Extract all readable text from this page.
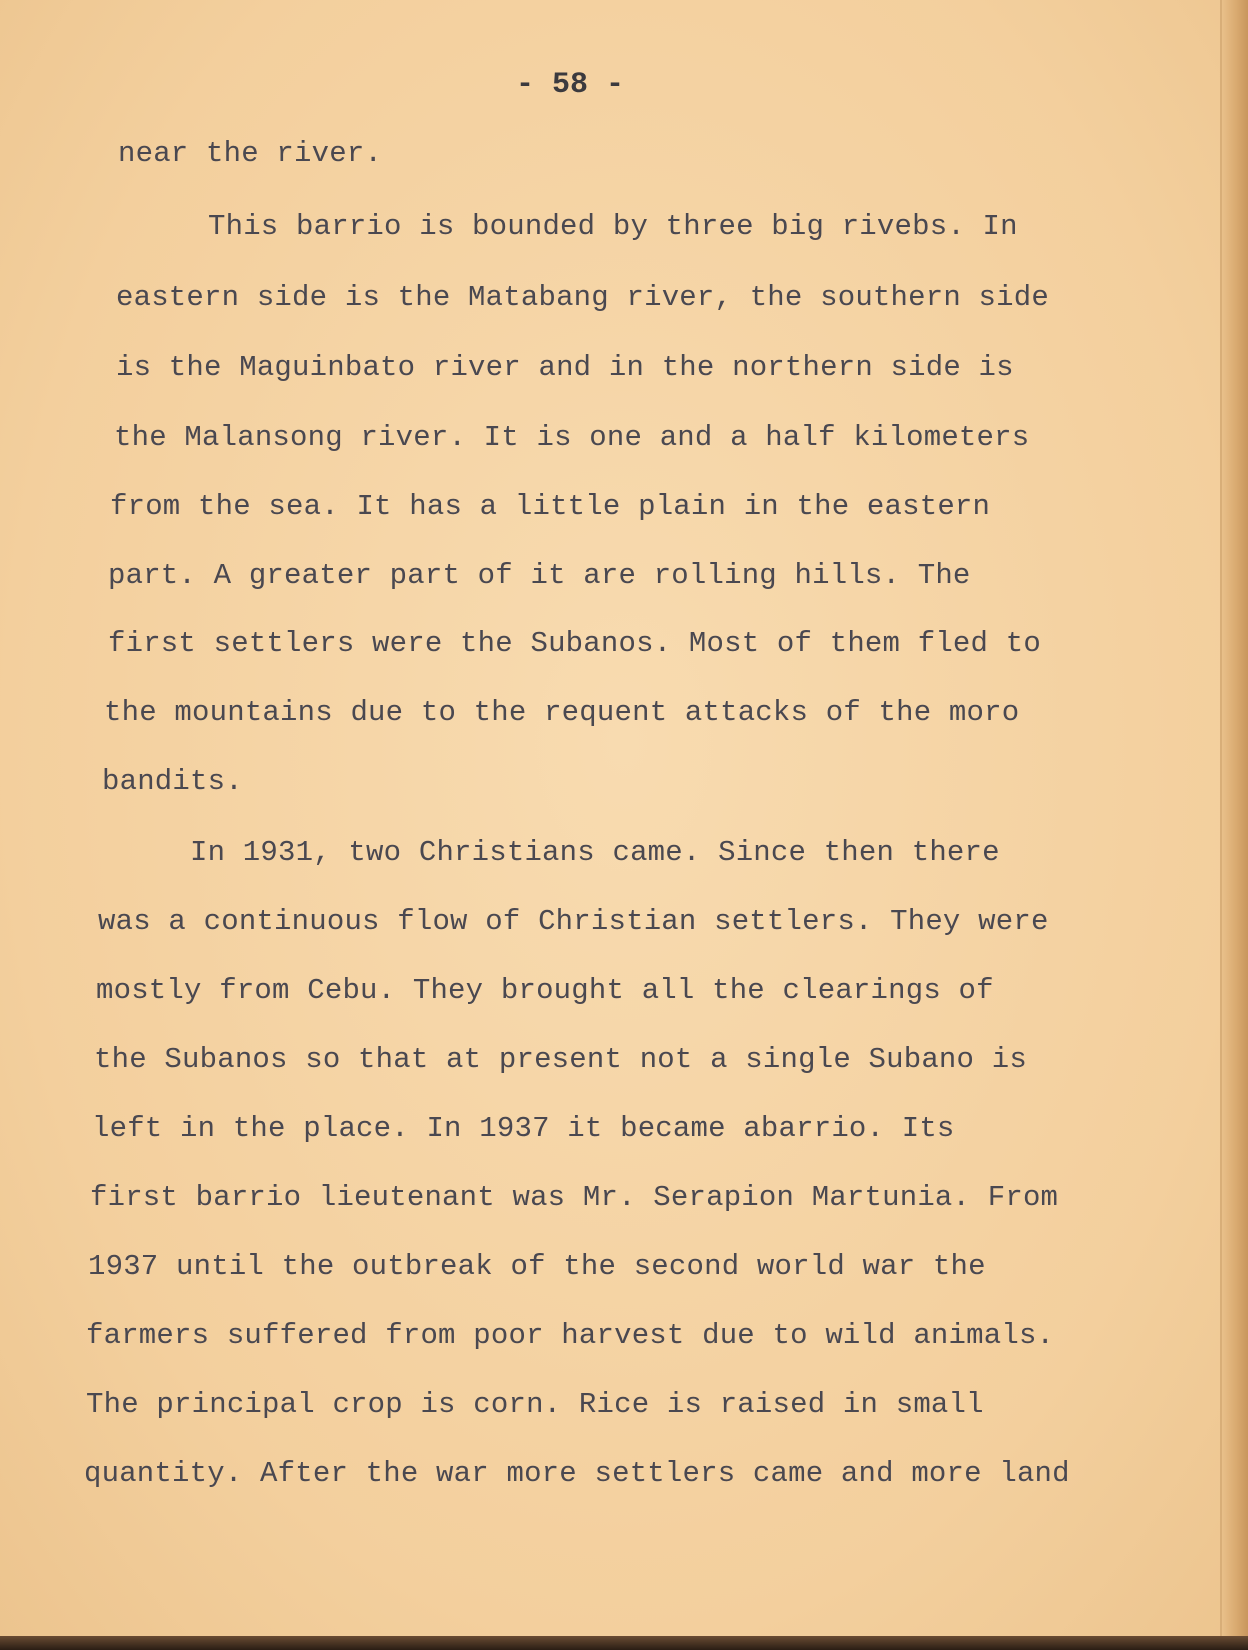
- 58 -
near the river.
This barrio is bounded by three big rivebs. In
eastern side is the Matabang river, the southern side
is the Maguinbato river and in the northern side is
the Malansong river. It is one and a half kilometers
from the sea. It has a little plain in the eastern
part. A greater part of it are rolling hills. The
first settlers were the Subanos. Most of them fled to
the mountains due to the requent attacks of the moro
bandits.
In 1931, two Christians came. Since then there
was a continuous flow of Christian settlers. They were
mostly from Cebu. They brought all the clearings of
the Subanos so that at present not a single Subano is
left in the place. In 1937 it became abarrio. Its
first barrio lieutenant was Mr. Serapion Martunia. From
1937 until the outbreak of the second world war the
farmers suffered from poor harvest due to wild animals.
The principal crop is corn. Rice is raised in small
quantity. After the war more settlers came and more land
